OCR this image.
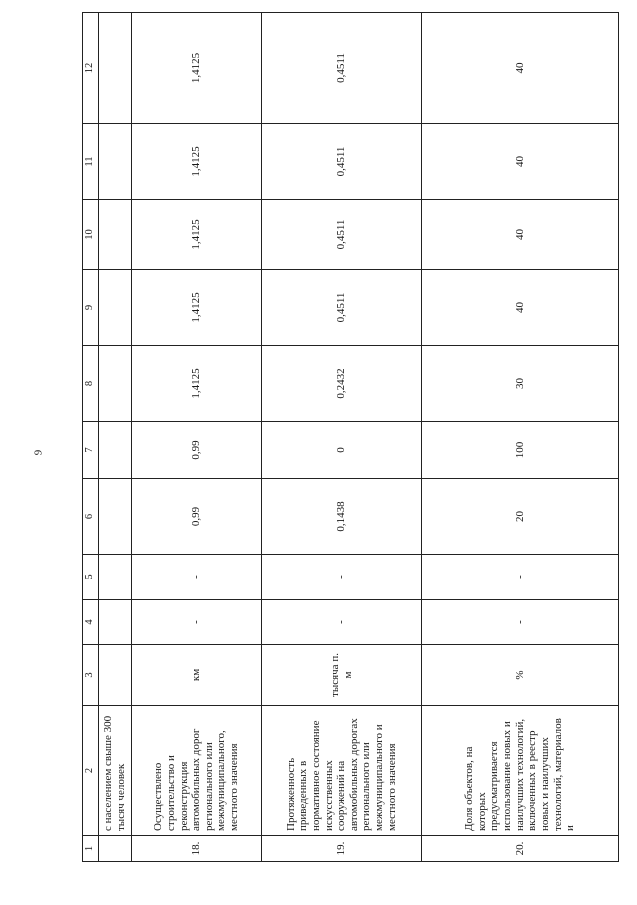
9
1	2	3	4	5	6	7	8	9	10	11	12
	с населением свыше 300 тысяч человек										
18.	Осуществлено строительство и реконструкция автомобильных дорог регионального или межмуниципального, местного значения	км	-	-	0,99	0,99	1,4125	1,4125	1,4125	1,4125	1,4125
19.	Протяженность приведенных в нормативное состояние искусственных сооружений на автомобильных дорогах регионального или межмуниципального и местного значения	тысяча п. м	-	-	0,1438	0	0,2432	0,4511	0,4511	0,4511	0,4511
20.	Доля объектов, на которых предусматривается использование новых и наилучших технологий, включенных в реестр новых и наилучших технологий, материалов и	%	-	-	20	100	30	40	40	40	40
